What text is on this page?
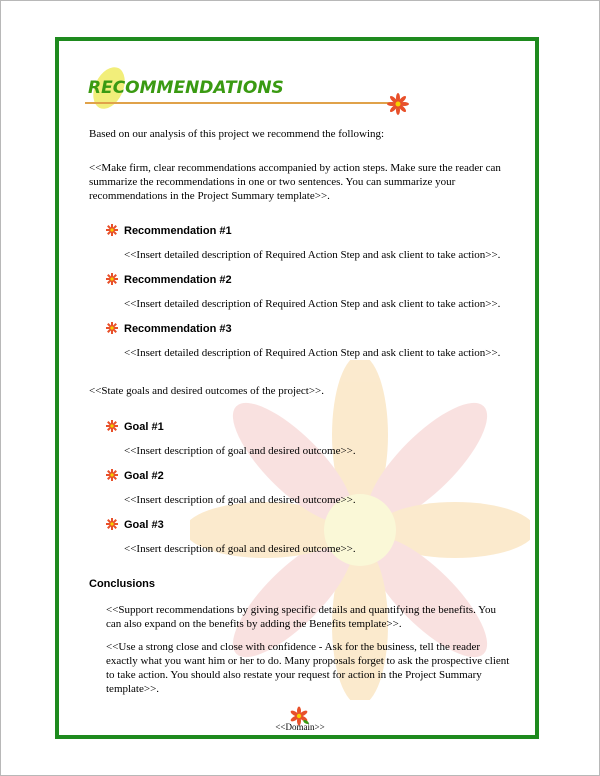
RECOMMENDATIONS
Based on our analysis of this project we recommend the following:
<<Make firm, clear recommendations accompanied by action steps. Make sure the reader can summarize the recommendations in one or two sentences. You can summarize your recommendations in the Project Summary template>>.
Recommendation #1
<<Insert detailed description of Required Action Step and ask client to take action>>.
Recommendation #2
<<Insert detailed description of Required Action Step and ask client to take action>>.
Recommendation #3
<<Insert detailed description of Required Action Step and ask client to take action>>.
<<State goals and desired outcomes of the project>>.
Goal #1
<<Insert description of goal and desired outcome>>.
Goal #2
<<Insert description of goal and desired outcome>>.
Goal #3
<<Insert description of goal and desired outcome>>.
Conclusions
<<Support recommendations by giving specific details and quantifying the benefits. You can also expand on the benefits by adding the Benefits template>>.
<<Use a strong close and close with confidence - Ask for the business, tell the reader exactly what you want him or her to do. Many proposals forget to ask the prospective client to take action. You should also restate your request for action in the Project Summary template>>.
<<Domain>>
